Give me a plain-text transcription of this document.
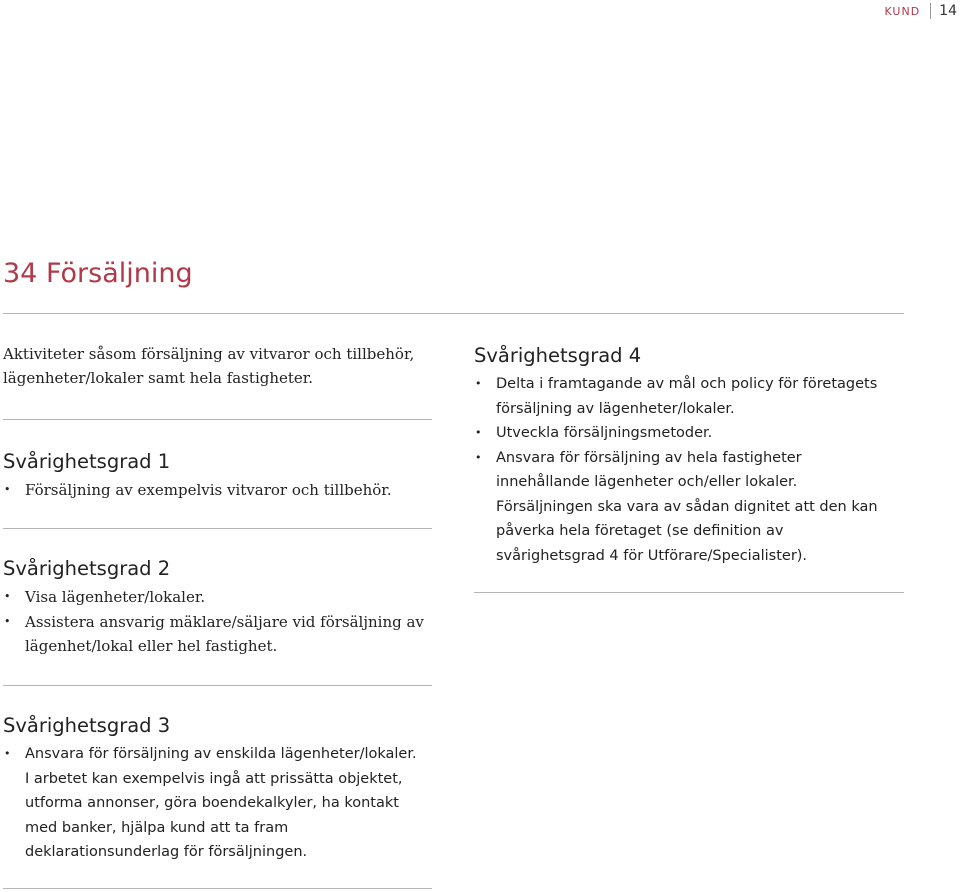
KUND 14
34 Försäljning

Aktiviteter såsom försäljning av vitvaror och tillbehör, lägenheter/lokaler samt hela fastigheter.

Svårighetsgrad 1
• Försäljning av exempelvis vitvaror och tillbehör.
Svårighetsgrad 2
• Visa lägenheter/lokaler.
• Assistera ansvarig mäklare/säljare vid försäljning av lägenhet/lokal eller hel fastighet.
Svårighetsgrad 3
• Ansvara för försäljning av enskilda lägenheter/lokaler. I arbetet kan exempelvis ingå att prissätta objektet, utforma annonser, göra boendekalkyler, ha kontakt med banker, hjälpa kund att ta fram deklarationsunderlag för försäljningen.
Svårighetsgrad 4
• Delta i framtagande av mål och policy för företagets försäljning av lägenheter/lokaler.
• Utveckla försäljningsmetoder.
• Ansvara för försäljning av hela fastigheter innehållande lägenheter och/eller lokaler. Försäljningen ska vara av sådan dignitet att den kan påverka hela företaget (se definition av svårighetsgrad 4 för Utförare/Specialister).
